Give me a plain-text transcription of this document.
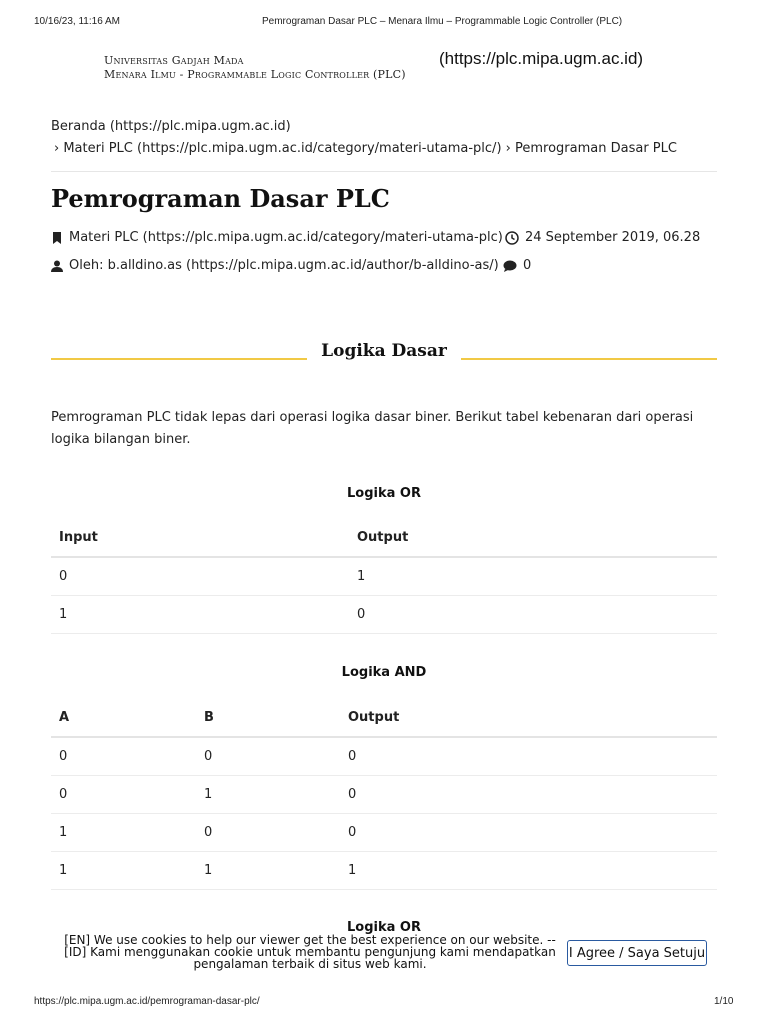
10/16/23, 11:16 AM	Pemrograman Dasar PLC – Menara Ilmu – Programmable Logic Controller (PLC)
Universitas Gadjah Mada
Menara Ilmu - Programmable Logic Controller (PLC)
(https://plc.mipa.ugm.ac.id)
Beranda (https://plc.mipa.ugm.ac.id)
› Materi PLC (https://plc.mipa.ugm.ac.id/category/materi-utama-plc/) › Pemrograman Dasar PLC
Pemrograman Dasar PLC
Materi PLC (https://plc.mipa.ugm.ac.id/category/materi-utama-plc) 24 September 2019, 06.28
Oleh: b.alldino.as (https://plc.mipa.ugm.ac.id/author/b-alldino-as/) 0
Logika Dasar
Pemrograman PLC tidak lepas dari operasi logika dasar biner. Berikut tabel kebenaran dari operasi logika bilangan biner.
Logika OR
Input	Output
0	1
1	0
Logika AND
A	B	Output
0	0	0
0	1	0
1	0	0
1	1	1
Logika OR
[EN] We use cookies to help our viewer get the best experience on our website. -- [ID] Kami menggunakan cookie untuk membantu pengunjung kami mendapatkan pengalaman terbaik di situs web kami.
I Agree / Saya Setuju
https://plc.mipa.ugm.ac.id/pemrograman-dasar-plc/	1/10
